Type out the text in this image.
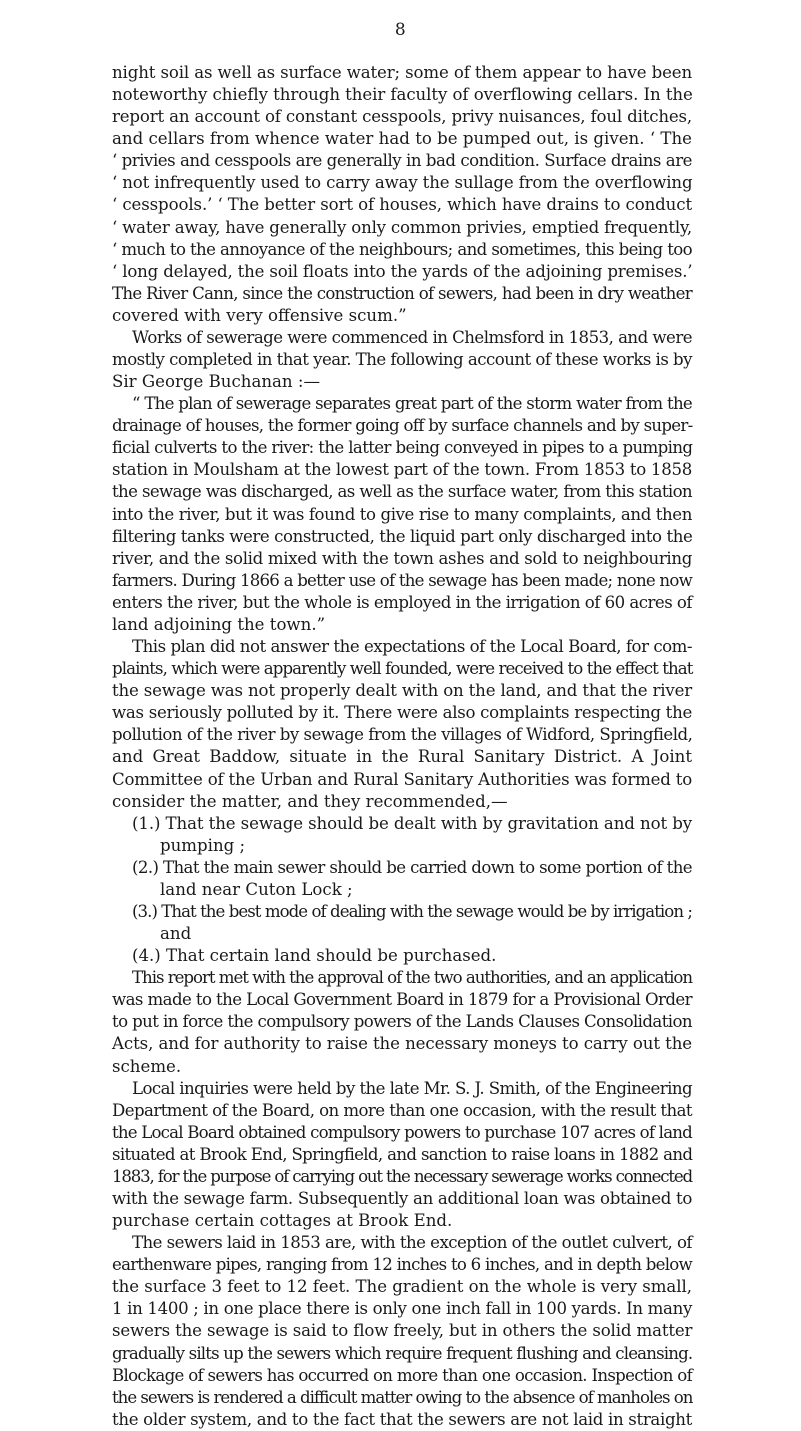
8
night soil as well as surface water; some of them appear to have been
noteworthy chiefly through their faculty of overflowing cellars. In the
report an account of constant cesspools, privy nuisances, foul ditches,
and cellars from whence water had to be pumped out, is given. ‘ The
‘ privies and cesspools are generally in bad condition. Surface drains are
‘ not infrequently used to carry away the sullage from the overflowing
‘ cesspools.’ ‘ The better sort of houses, which have drains to conduct
‘ water away, have generally only common privies, emptied frequently,
‘ much to the annoyance of the neighbours; and sometimes, this being too
‘ long delayed, the soil floats into the yards of the adjoining premises.’
The River Cann, since the construction of sewers, had been in dry weather
covered with very offensive scum.”
Works of sewerage were commenced in Chelmsford in 1853, and were
mostly completed in that year. The following account of these works is by
Sir George Buchanan :—
“ The plan of sewerage separates great part of the storm water from the
drainage of houses, the former going off by surface channels and by super-
ficial culverts to the river: the latter being conveyed in pipes to a pumping
station in Moulsham at the lowest part of the town. From 1853 to 1858
the sewage was discharged, as well as the surface water, from this station
into the river, but it was found to give rise to many complaints, and then
filtering tanks were constructed, the liquid part only discharged into the
river, and the solid mixed with the town ashes and sold to neighbouring
farmers. During 1866 a better use of the sewage has been made; none now
enters the river, but the whole is employed in the irrigation of 60 acres of
land adjoining the town.”
This plan did not answer the expectations of the Local Board, for com-
plaints, which were apparently well founded, were received to the effect that
the sewage was not properly dealt with on the land, and that the river
was seriously polluted by it. There were also complaints respecting the
pollution of the river by sewage from the villages of Widford, Springfield,
and Great Baddow, situate in the Rural Sanitary District. A Joint
Committee of the Urban and Rural Sanitary Authorities was formed to
consider the matter, and they recommended,—
(1.) That the sewage should be dealt with by gravitation and not by
pumping ;
(2.) That the main sewer should be carried down to some portion of the
land near Cuton Lock ;
(3.) That the best mode of dealing with the sewage would be by irrigation ;
and
(4.) That certain land should be purchased.
This report met with the approval of the two authorities, and an application
was made to the Local Government Board in 1879 for a Provisional Order
to put in force the compulsory powers of the Lands Clauses Consolidation
Acts, and for authority to raise the necessary moneys to carry out the
scheme.
Local inquiries were held by the late Mr. S. J. Smith, of the Engineering
Department of the Board, on more than one occasion, with the result that
the Local Board obtained compulsory powers to purchase 107 acres of land
situated at Brook End, Springfield, and sanction to raise loans in 1882 and
1883, for the purpose of carrying out the necessary sewerage works connected
with the sewage farm. Subsequently an additional loan was obtained to
purchase certain cottages at Brook End.
The sewers laid in 1853 are, with the exception of the outlet culvert, of
earthenware pipes, ranging from 12 inches to 6 inches, and in depth below
the surface 3 feet to 12 feet. The gradient on the whole is very small,
1 in 1400 ; in one place there is only one inch fall in 100 yards. In many
sewers the sewage is said to flow freely, but in others the solid matter
gradually silts up the sewers which require frequent flushing and cleansing.
Blockage of sewers has occurred on more than one occasion. Inspection of
the sewers is rendered a difficult matter owing to the absence of manholes on
the older system, and to the fact that the sewers are not laid in straight
